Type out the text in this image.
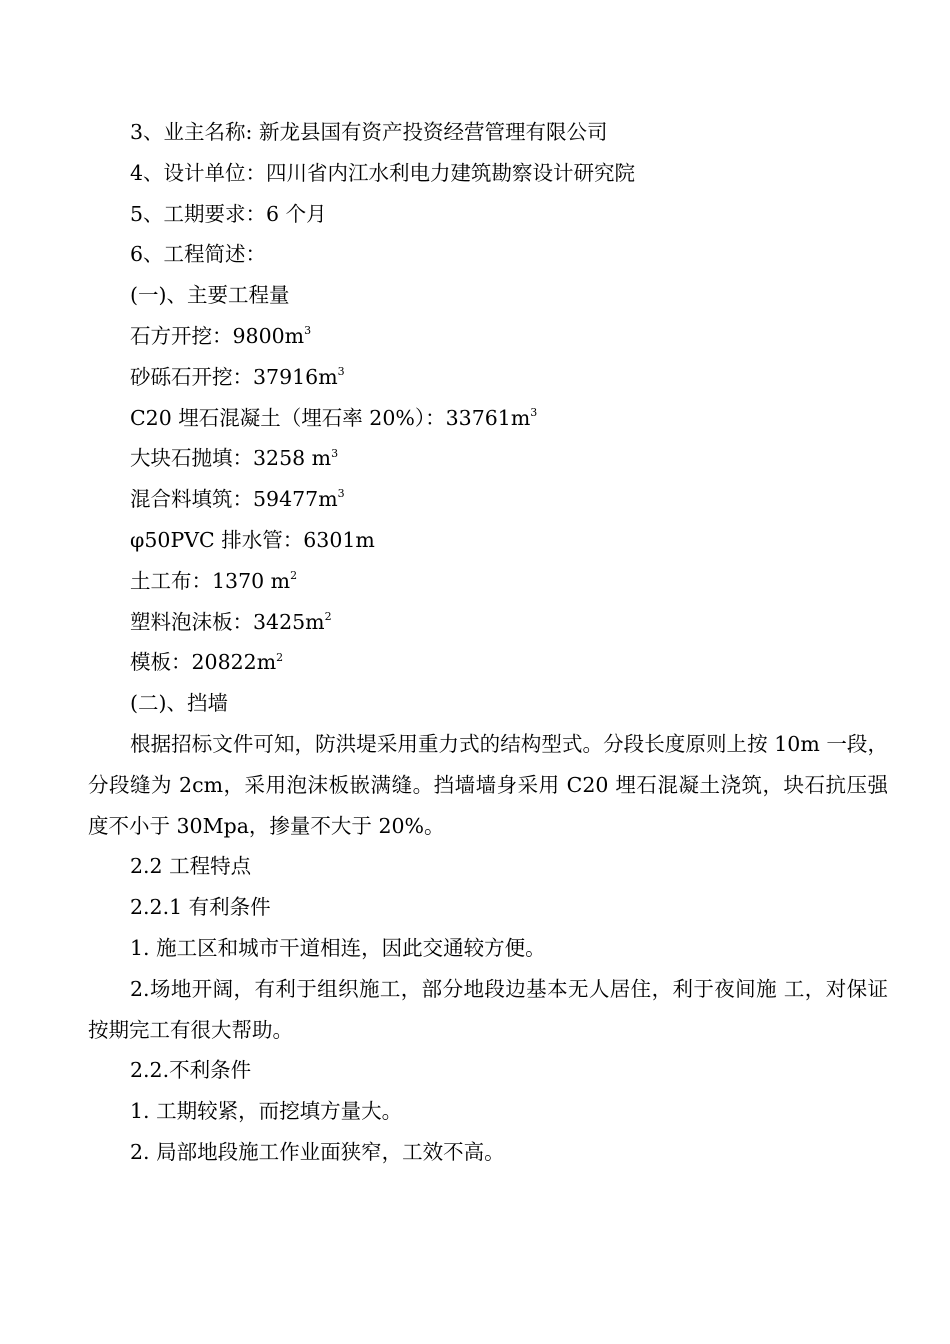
3、业主名称: 新龙县国有资产投资经营管理有限公司
4、设计单位：四川省内江水利电力建筑勘察设计研究院
5、工期要求：6 个月
6、工程简述：
(一)、主要工程量
石方开挖：$9800m^3$
砂砾石开挖：$37916m^3$
C20 埋石混凝土（埋石率 20%）：$33761m^3$
大块石抛填：3258 $m^3$
混合料填筑：$59477m^3$
φ50PVC 排水管：6301m
土工布：1370 $m^2$
塑料泡沫板：$3425m^2$
模板：$20822m^2$
(二)、挡墙
根据招标文件可知，防洪堤采用重力式的结构型式。分段长度原则上按 10m 一段，分段缝为 2cm，采用泡沫板嵌满缝。挡墙墙身采用 C20 埋石混凝土浇筑，块石抗压强度不小于 30Mpa，掺量不大于 20%。
2.2 工程特点
2.2.1 有利条件
1. 施工区和城市干道相连，因此交通较方便。
2.场地开阔，有利于组织施工，部分地段边基本无人居住，利于夜间施 工，对保证按期完工有很大帮助。
2.2.不利条件
1. 工期较紧，而挖填方量大。
2. 局部地段施工作业面狭窄，工效不高。
